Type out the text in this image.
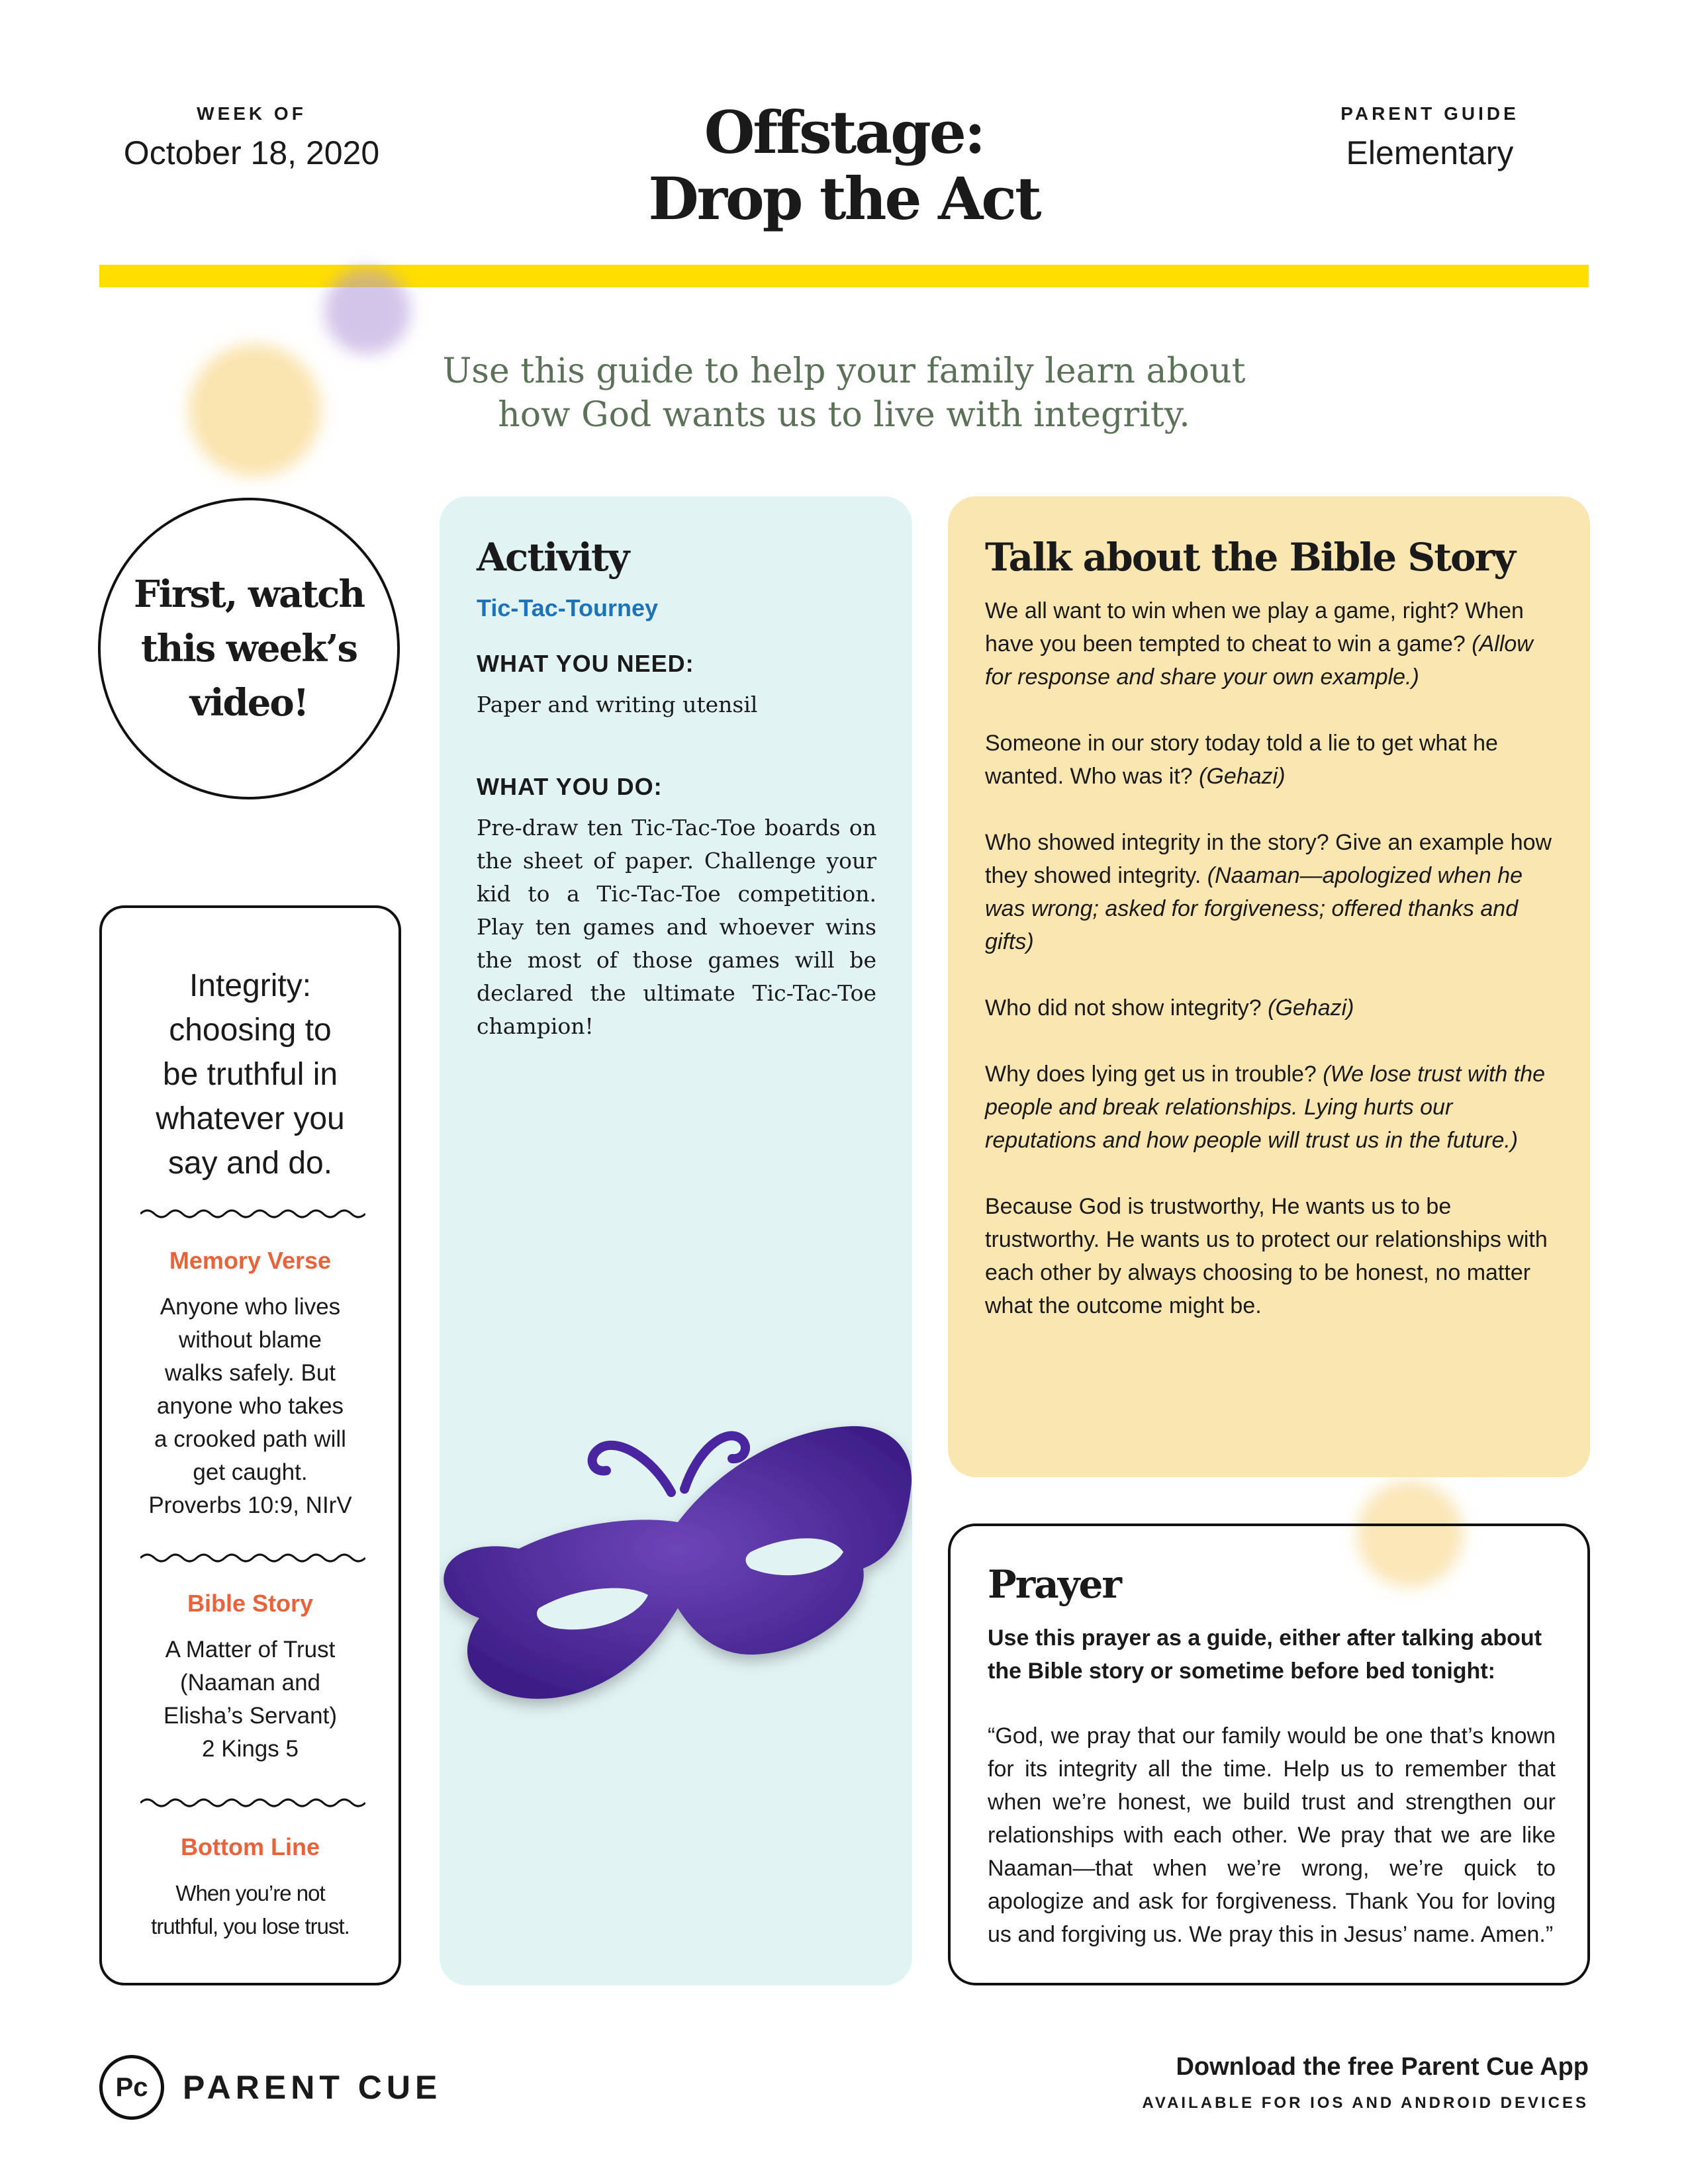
WEEK OF
October 18, 2020	Offstage:
Drop the Act
PARENT GUIDE
Elementary
Use this guide to help your family learn about
how God wants us to live with integrity.
First, watch
this week’s
video!
Integrity:
choosing to
be truthful in
whatever you
say and do.
Memory Verse
Anyone who lives
without blame
walks safely. But
anyone who takes
a crooked path will
get caught.
Proverbs 10:9, NIrV
Bible Story
A Matter of Trust
(Naaman and
Elisha’s Servant)
2 Kings 5
Bottom Line
When you’re not
truthful, you lose trust.
Activity
Tic-Tac-Tourney
WHAT YOU NEED:
Paper and writing utensil
WHAT YOU DO:
Pre-draw ten Tic-Tac-Toe boards on the sheet of paper. Challenge your kid to a Tic-Tac-Toe competition. Play ten games and whoever wins the most of those games will be declared the ultimate Tic-Tac-Toe champion!
Talk about the Bible Story

We all want to win when we play a game, right? When have you been tempted to cheat to win a game? (Allow for response and share your own example.)

Someone in our story today told a lie to get what he wanted. Who was it? (Gehazi)

Who showed integrity in the story? Give an example how they showed integrity. (Naaman—apologized when he was wrong; asked for forgiveness; offered thanks and gifts)

Who did not show integrity? (Gehazi)

Why does lying get us in trouble? (We lose trust with the people and break relationships. Lying hurts our reputations and how people will trust us in the future.)

Because God is trustworthy, He wants us to be trustworthy. He wants us to protect our relationships with each other by always choosing to be honest, no matter what the outcome might be.

Prayer
Use this prayer as a guide, either after talking about the Bible story or sometime before bed tonight:
“God, we pray that our family would be one that’s known for its integrity all the time. Help us to remember that when we’re honest, we build trust and strengthen our relationships with each other. We pray that we are like Naaman—that when we’re wrong, we’re quick to apologize and ask for forgiveness. Thank You for loving us and forgiving us. We pray this in Jesus’ name. Amen.”
Pc PARENT CUE
Download the free Parent Cue App
AVAILABLE FOR IOS AND ANDROID DEVICES
